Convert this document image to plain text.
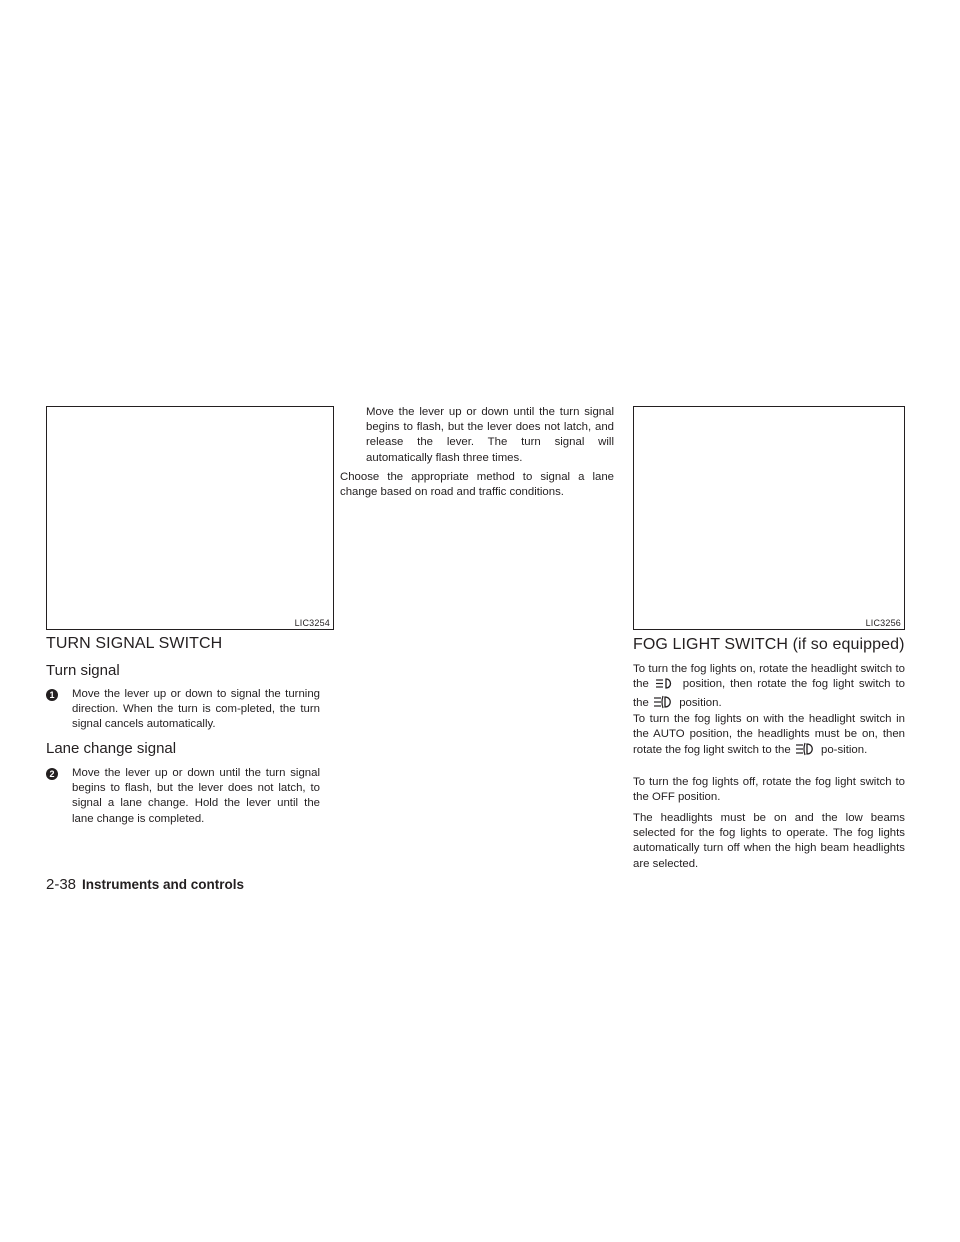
LIC3254	LIC3256
TURN SIGNAL SWITCH
Turn signal
1	Move the lever up or down to signal the turning direction. When the turn is com-pleted, the turn signal cancels automatically.
Lane change signal
2	Move the lever up or down until the turn signal begins to flash, but the lever does not latch, to signal a lane change. Hold the lever until the lane change is completed.
Move the lever up or down until the turn signal begins to flash, but the lever does not latch, and release the lever. The turn signal will automatically flash three times.
Choose the appropriate method to signal a lane change based on road and traffic conditions.
FOG LIGHT SWITCH (if so equipped)
To turn the fog lights on, rotate the headlight switch to the	position, then rotate the fog light switch to the	position.
To turn the fog lights on with the headlight switch in the AUTO position, the headlights must be on, then rotate the fog light switch to the	po-sition.
To turn the fog lights off, rotate the fog light switch to the OFF position.
The headlights must be on and the low beams selected for the fog lights to operate. The fog lights automatically turn off when the high beam headlights are selected.
2-38 Instruments and controls
